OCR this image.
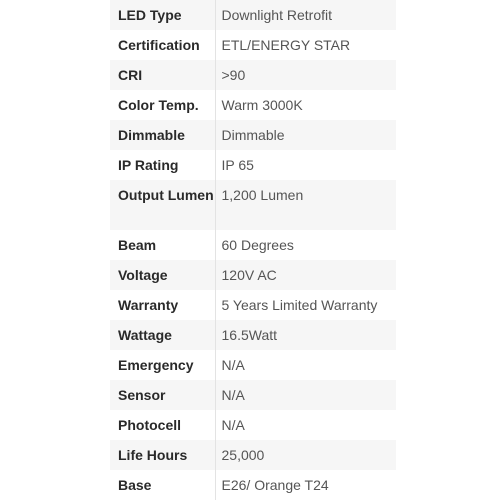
LED Type	Downlight Retrofit
Certification	ETL/ENERGY STAR
CRI	>90
Color Temp.	Warm 3000K
Dimmable	Dimmable
IP Rating	IP 65
Output Lumen	1,200 Lumen
Beam	60 Degrees
Voltage	120V AC
Warranty	5 Years Limited Warranty
Wattage	16.5Watt
Emergency	N/A
Sensor	N/A
Photocell	N/A
Life Hours	25,000
Base	E26/ Orange T24
